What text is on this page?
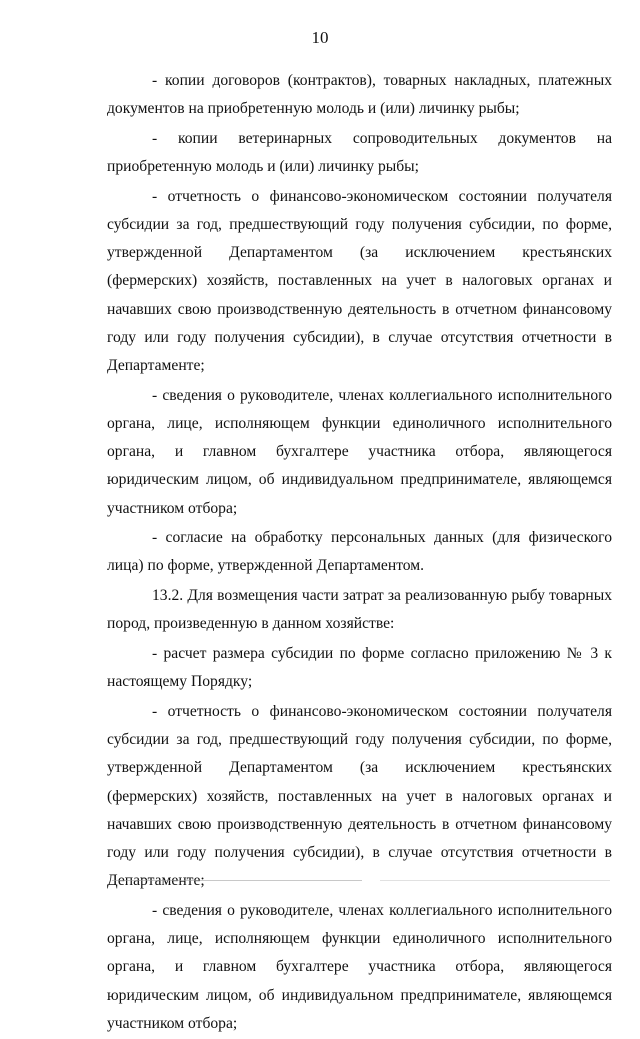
10

- копии договоров (контрактов), товарных накладных, платежных документов на приобретенную молодь и (или) личинку рыбы;

- копии ветеринарных сопроводительных документов на приобретенную молодь и (или) личинку рыбы;

- отчетность о финансово-экономическом состоянии получателя субсидии за год, предшествующий году получения субсидии, по форме, утвержденной Департаментом (за исключением крестьянских (фермерских) хозяйств, поставленных на учет в налоговых органах и начавших свою производственную деятельность в отчетном финансовому году или году получения субсидии), в случае отсутствия отчетности в Департаменте;

- сведения о руководителе, членах коллегиального исполнительного органа, лице, исполняющем функции единоличного исполнительного органа, и главном бухгалтере участника отбора, являющегося юридическим лицом, об индивидуальном предпринимателе, являющемся участником отбора;

- согласие на обработку персональных данных (для физического лица) по форме, утвержденной Департаментом.

13.2. Для возмещения части затрат за реализованную рыбу товарных пород, произведенную в данном хозяйстве:

- расчет размера субсидии по форме согласно приложению № 3 к настоящему Порядку;

- отчетность о финансово-экономическом состоянии получателя субсидии за год, предшествующий году получения субсидии, по форме, утвержденной Департаментом (за исключением крестьянских (фермерских) хозяйств, поставленных на учет в налоговых органах и начавших свою производственную деятельность в отчетном финансовому году или году получения субсидии), в случае отсутствия отчетности в Департаменте;

- сведения о руководителе, членах коллегиального исполнительного органа, лице, исполняющем функции единоличного исполнительного органа, и главном бухгалтере участника отбора, являющегося юридическим лицом, об индивидуальном предпринимателе, являющемся участником отбора;
